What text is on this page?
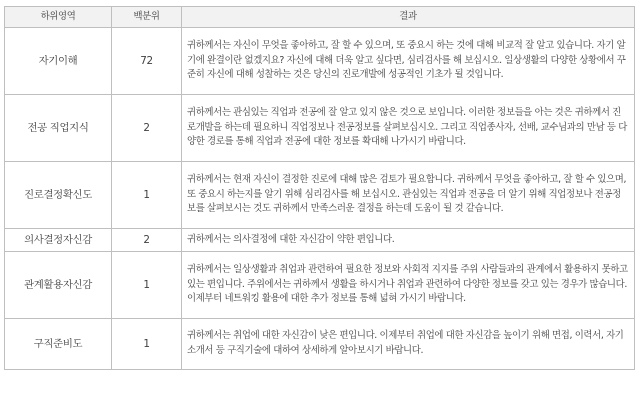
하위영역	백분위	결과
자기이해	72	귀하께서는 자신이 무엇을 좋아하고, 잘 할 수 있으며, 또 중요시 하는 것에 대해 비교적 잘 알고 있습니다. 자기 알기에 완결이란 없겠지요? 자신에 대해 더욱 알고 싶다면, 심리검사를 해 보십시오. 일상생활의 다양한 상황에서 꾸준히 자신에 대해 성찰하는 것은 당신의 진로개발에 성공적인 기초가 될 것입니다.
전공 직업지식	2	귀하께서는 관심있는 직업과 전공에 잘 알고 있지 않은 것으로 보입니다. 이러한 정보들을 아는 것은 귀하께서 진로개발을 하는데 필요하니 직업정보나 전공정보를 살펴보십시오. 그리고 직업종사자, 선배, 교수님과의 만남 등 다양한 경로를 통해 직업과 전공에 대한 정보를 확대해 나가시기 바랍니다.
진로결정확신도	1	귀하께서는 현재 자신이 결정한 진로에 대해 많은 검토가 필요합니다. 귀하께서 무엇을 좋아하고, 잘 할 수 있으며, 또 중요시 하는지를 알기 위해 심리검사를 해 보십시오. 관심있는 직업과 전공을 더 알기 위해 직업정보나 전공정보를 살펴보시는 것도 귀하께서 만족스러운 결정을 하는데 도움이 될 것 같습니다.
의사결정자신감	2	귀하께서는 의사결정에 대한 자신감이 약한 편입니다.
관계활용자신감	1	귀하께서는 일상생활과 취업과 관련하여 필요한 정보와 사회적 지지를 주위 사람들과의 관계에서 활용하지 못하고 있는 편입니다. 주위에서는 귀하께서 생활을 하시거나 취업과 관련하여 다양한 정보를 갖고 있는 경우가 많습니다. 이제부터 네트워킹 활용에 대한 추가 정보를 통해 넓혀 가시기 바랍니다.
구직준비도	1	귀하께서는 취업에 대한 자신감이 낮은 편입니다. 이제부터 취업에 대한 자신감을 높이기 위해 면접, 이력서, 자기소개서 등 구직기술에 대하여 상세하게 알아보시기 바랍니다.
